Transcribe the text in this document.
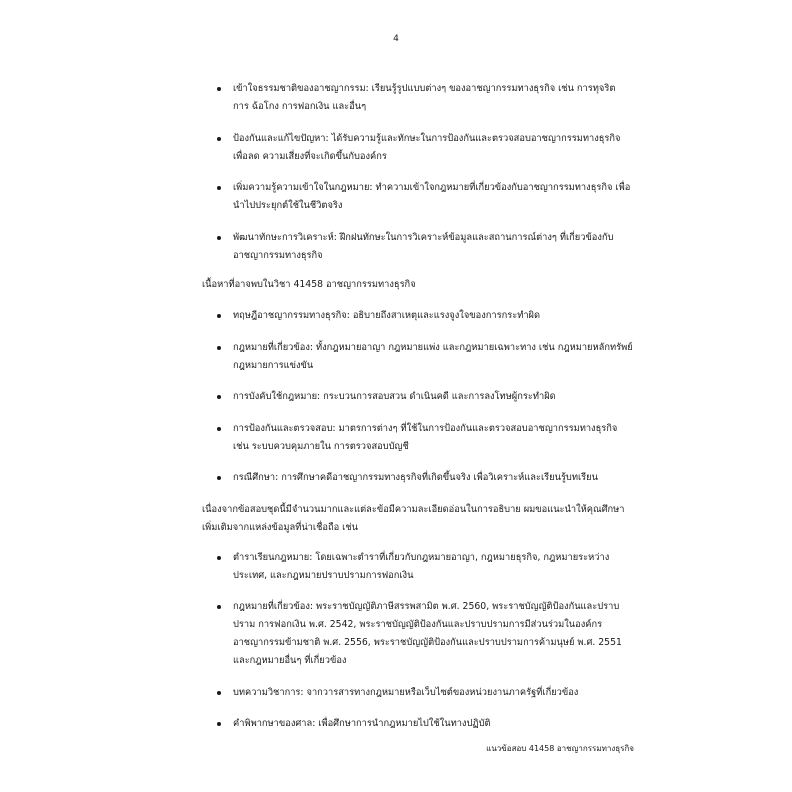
4
เข้าใจธรรมชาติของอาชญากรรม: เรียนรู้รูปแบบต่างๆ ของอาชญากรรมทางธุรกิจ เช่น การทุจริต การ ฉ้อโกง การฟอกเงิน และอื่นๆ
ป้องกันและแก้ไขปัญหา: ได้รับความรู้และทักษะในการป้องกันและตรวจสอบอาชญากรรมทางธุรกิจ เพื่อลด ความเสี่ยงที่จะเกิดขึ้นกับองค์กร
เพิ่มความรู้ความเข้าใจในกฎหมาย: ทำความเข้าใจกฎหมายที่เกี่ยวข้องกับอาชญากรรมทางธุรกิจ เพื่อ นำไปประยุกต์ใช้ในชีวิตจริง
พัฒนาทักษะการวิเคราะห์: ฝึกฝนทักษะในการวิเคราะห์ข้อมูลและสถานการณ์ต่างๆ ที่เกี่ยวข้องกับ อาชญากรรมทางธุรกิจ

เนื้อหาที่อาจพบในวิชา 41458 อาชญากรรมทางธุรกิจ

ทฤษฎีอาชญากรรมทางธุรกิจ: อธิบายถึงสาเหตุและแรงจูงใจของการกระทำผิด
กฎหมายที่เกี่ยวข้อง: ทั้งกฎหมายอาญา กฎหมายแพ่ง และกฎหมายเฉพาะทาง เช่น กฎหมายหลักทรัพย์ กฎหมายการแข่งขัน
การบังคับใช้กฎหมาย: กระบวนการสอบสวน ดำเนินคดี และการลงโทษผู้กระทำผิด
การป้องกันและตรวจสอบ: มาตรการต่างๆ ที่ใช้ในการป้องกันและตรวจสอบอาชญากรรมทางธุรกิจ เช่น ระบบควบคุมภายใน การตรวจสอบบัญชี
กรณีศึกษา: การศึกษาคดีอาชญากรรมทางธุรกิจที่เกิดขึ้นจริง เพื่อวิเคราะห์และเรียนรู้บทเรียน

เนื่องจากข้อสอบชุดนี้มีจำนวนมากและแต่ละข้อมีความละเอียดอ่อนในการอธิบาย ผมขอแนะนำให้คุณศึกษา เพิ่มเติมจากแหล่งข้อมูลที่น่าเชื่อถือ เช่น

ตำราเรียนกฎหมาย: โดยเฉพาะตำราที่เกี่ยวกับกฎหมายอาญา, กฎหมายธุรกิจ, กฎหมายระหว่างประเทศ, และกฎหมายปราบปรามการฟอกเงิน
กฎหมายที่เกี่ยวข้อง: พระราชบัญญัติภาษีสรรพสามิต พ.ศ. 2560, พระราชบัญญัติป้องกันและปราบปราม การฟอกเงิน พ.ศ. 2542, พระราชบัญญัติป้องกันและปราบปรามการมีส่วนร่วมในองค์กรอาชญากรรมข้ามชาติ พ.ศ. 2556, พระราชบัญญัติป้องกันและปราบปรามการค้ามนุษย์ พ.ศ. 2551 และกฎหมายอื่นๆ ที่เกี่ยวข้อง
บทความวิชาการ: จากวารสารทางกฎหมายหรือเว็บไซต์ของหน่วยงานภาครัฐที่เกี่ยวข้อง
คำพิพากษาของศาล: เพื่อศึกษาการนำกฎหมายไปใช้ในทางปฏิบัติ
แนวข้อสอบ 41458 อาชญากรรมทางธุรกิจ
